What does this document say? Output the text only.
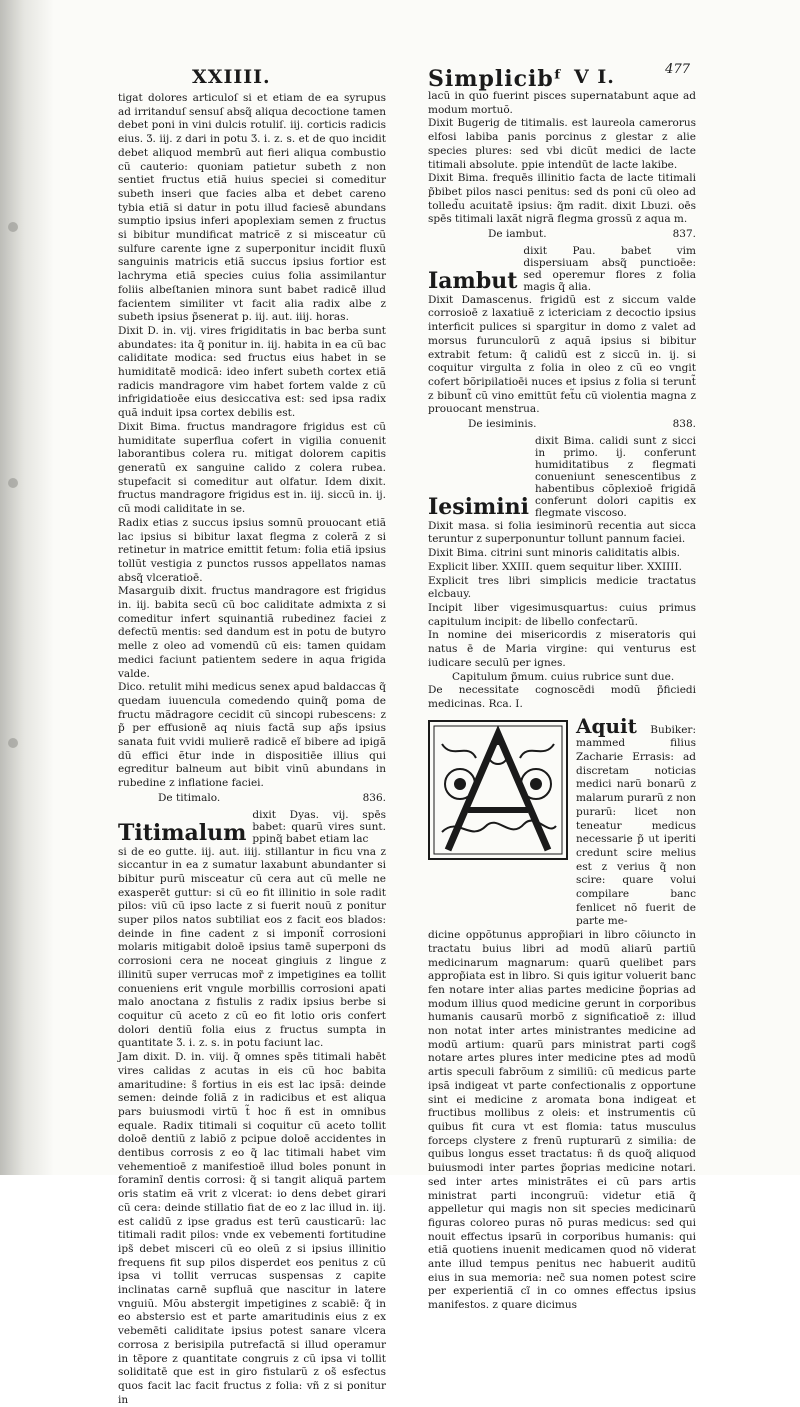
XXIIII.	Simplicibᶠ V I.	477

tigat dolores articuloſ si et etiam de ea syrupus ad irritanduſ sensuſ absq̃ aliqua decoctione tamen debet poni in vini dulcis rotuliſ. iij. corticis radicis eius. Ʒ. iij. z dari in potu Ʒ. i. z. s. et de quo incidit debet aliquod membrũ aut fieri aliqua combustio cũ cauterio: quoniam patietur subeth z non sentiet fructus etiã huius speciei si comeditur subeth inseri que facies alba et debet careno tybia etiã si datur in potu illud faciesē abundans sumptio ipsius inferi apoplexiam semen z fructus si bibitur mundificat matricẽ z si misceatur cũ sulfure carente igne z superponitur incidit fluxũ sanguinis matricis etiã succus ipsius fortior est lachryma etiã species cuius folia assimilantur foliis albeſtanien minora sunt babet radicē illud facientem similiter vt facit alia radix albe z subeth ipsius p̃senerat p. iij. aut. iiij. horas.

Dixit D. in. vij. vires frigiditatis in bac berba sunt abundates: ita q̃ ponitur in. iij. habita in ea cũ bac caliditate modica: sed fructus eius habet in se humiditatē modicã: ideo infert subeth cortex etiã radicis mandragore vim habet fortem valde z cũ infrigidatioēe eius desiccativa est: sed ipsa radix quã induit ipsa cortex debilis est.

Dixit Bima. fructus mandragore frigidus est cũ humiditate superflua cofert in vigilia conuenit laborantibus colera ru. mitigat dolorem capitis generatũ ex sanguine calido z colera rubea. stupefacit si comeditur aut olfatur. Idem dixit. fructus mandragore frigidus est in. iij. siccũ in. ij. cũ modi caliditate in se.

Radix etias z succus ipsius somnũ prouocant etiã lac ipsius si bibitur laxat flegma z colerã z si retinetur in matrice emittit fetum: folia etiã ipsius tollũt vestigia z punctos russos appellatos namas absq̃ vlceratioē.

Masarguib dixit. fructus mandragore est frigidus in. iij. babita secũ cũ boc caliditate admixta z si comeditur infert squinantiã rubedinez faciei z defectũ mentis: sed dandum est in potu de butyro melle z oleo ad vomendũ cũ eis: tamen quidam medici faciunt patientem sedere in aqua frigida valde.

Dico. retulit mihi medicus senex apud baldaccas q̃ quedam iuuencula comedendo quinq̃ poma de fructu mãdragore cecidit cũ sincopi rubescens: z p̃ per effusionē aq niuis factã sup ap̃s ipsius sanata fuit vvidi mulierē radicē eĩ bibere ad ipigã dũ effici ẽtur inde in dispositiēe illius qui egreditur balneum aut bibit vinũ abundans in rubedine z inflatione faciei.

De titimalo.	836.
Titimalum
dixit Dyas. vij. spēs babet: quarũ vires sunt. ppinq̃ babet etiam lac

si de eo gutte. iij. aut. iiij. stillantur in ficu vna z siccantur in ea z sumatur laxabunt abundanter si bibitur purũ misceatur cũ cera aut cũ melle ne exasperēt guttur: si cũ eo fit illinitio in sole radit pilos: viũ cũ ipso lacte z si fuerit nouũ z ponitur super pilos natos subtiliat eos z facit eos blados: deinde in fine cadent z si imponit̃ corrosioni molaris mitigabit doloē ipsius tamē superponi ds corrosioni cera ne noceat gingiuis z lingue z illinitũ super verrucas mor̃ z impetigines ea tollit conueniens erit vngule morbillis corrosioni apati malo anoctana z fistulis z radix ipsius berbe si coquitur cũ aceto z cũ eo fit lotio oris confert dolori dentiũ folia eius z fructus sumpta in quantitate Ʒ. i. z. s. in potu faciunt lac.

Jam dixit. D. in. viij. q̃ omnes spēs titimali habēt vires calidas z acutas in eis cũ hoc babita amaritudine: s̃ fortius in eis est lac ipsã: deinde semen: deinde foliã z in radicibus et est aliqua pars buiusmodi virtũ t̃ hoc ñ est in omnibus equale. Radix titimali si coquitur cũ aceto tollit doloē dentiũ z labiõ z pcipue doloē accidentes in dentibus corrosis z eo q̃ lac titimali habet vim vehementioē z manifestioē illud boles ponunt in foraminĩ dentis corrosi: q̃ si tangit aliquã partem oris statim eã vrit z vlcerat: io dens debet girari cũ cera: deinde stillatio fiat de eo z lac illud in. iij. est calidũ z ipse gradus est terũ causticarũ: lac titimali radit pilos: vnde ex vebementi fortitudine ips̃ debet misceri cũ eo oleũ z si ipsius illinitio frequens fit sup pilos disperdet eos penitus z cũ ipsa vi tollit verrucas suspensas z capite inclinatas carnē supfluã que nascitur in latere vnguiũ. Mõu abstergit impetigines z scabiē: q̃ in eo abstersio est et parte amaritudinis eius z ex vebemēti caliditate ipsius potest sanare vlcera corrosa z berisipila putrefactã si illud operamur in tēpore z quantitate congruis z cũ ipsa vi tollit soliditatē que est in giro fistularũ z os̃ esfectus quos facit lac facit fructus z folia: vñ z si ponitur in

lacũ in quo fuerint pisces supernatabunt aque ad modum mortuõ.

Dixit Bugerig de titimalis. est laureola camerorus elfosi labiba panis porcinus z glestar z alie species plures: sed vbi dicũt medici de lacte titimali absolute. ppie intendũt de lacte lakibe.

Dixit Bima. frequēs illinitio facta de lacte titimali p̃bibet pilos nasci penitus: sed ds poni cũ oleo ad tolled̃u acuitatē ipsius: q̃m radit. dixit Lbuzi. oēs spēs titimali laxãt nigrã flegma grossũ z aqua m.

De iambut.	837.
Iambut
dixit Pau. babet vim dispersiuam absq̃ punctioēe: sed operemur flores z folia magis q̃ alia.

Dixit Damascenus. frigidũ est z siccum valde corrosioē z laxatiuẽ z ictericiam z decoctio ipsius interficit pulices si spargitur in domo z valet ad morsus furunculorũ z aquã ipsius si bibitur extrabit fetum: q̃ calidũ est z siccũ in. ij. si coquitur virgulta z folia in oleo z cũ eo vngit cofert bõripilatioēi nuces et ipsius z folia si terunt̃ z bibunt̃ cũ vino emittũt fet̃u cũ violentia magna z prouocant menstrua.

De iesiminis.	838.
Iesimini
dixit Bima. calidi sunt z sicci in primo. ij. conferunt humiditatibus z flegmati conueniunt senescentibus z habentibus cõplexioē frigidã conferunt dolori capitis ex flegmate viscoso.

Dixit masa. si folia iesiminorũ recentia aut sicca teruntur z superponuntur tollunt pannum faciei.

Dixit Bima. citrini sunt minoris caliditatis albis.

Explicit liber. XXIII. quem sequitur liber. XXIIII.

Explicit tres libri simplicis medicie tractatus elcbauy.

Incipit liber vigesimusquartus: cuius primus capitulum incipit: de libello confectarũ.

In nomine dei misericordis z miseratoris qui natus ē de Maria virgine: qui venturus est iudicare seculũ per ignes.

Capitulum p̃mum. cuius rubrice sunt due.

De necessitate cognoscēdi modũ p̃ficiedi medicinas. Rca. I.

Aquit Bubiker: mammed filius Zacharie Errasis: ad discretam noticias medici narũ bonarũ z malarum purarũ z non purarũ: licet non teneatur medicus necessarie p̃ ut iperiti credunt scire melius est z verius q̃ non scire: quare volui compilare banc fenlicet nõ fuerit de parte me-

dicine oppõtunus approp̃iari in libro cõiuncto in tractatu buius libri ad modũ aliarũ partiũ medicinarum magnarum: quarũ quelibet pars approp̃iata est in libro. Si quis igitur voluerit banc fen notare inter alias partes medicine p̃oprias ad modum illius quod medicine gerunt in corporibus humanis causarũ morbõ z significatioē z: illud non notat inter artes ministrantes medicine ad modũ artium: quarũ pars ministrat parti cogs̃ notare artes plures inter medicine ptes ad modũ artis speculi fabrõum z similiũ: cũ medicus parte ipsã indigeat vt parte confectionalis z opportune sint ei medicine z aromata bona indigeat et fructibus mollibus z oleis: et instrumentis cũ quibus fit cura vt est flomia: tatus musculus forceps clystere z frenũ rupturarũ z similia: de quibus longus esset tractatus: ñ ds quoq̃ aliquod buiusmodi inter partes p̃oprias medicine notari. sed inter artes ministrãtes ei cũ pars artis ministrat parti incongruũ: videtur etiã q̃ appelletur qui magis non sit species medicinarũ figuras coloreo puras nõ puras medicus: sed qui nouit effectus ipsarũ in corporibus humanis: qui etiã quotiens inuenit medicamen quod nõ viderat ante illud tempus penitus nec habuerit auditũ eius in sua memoria: nec̃ sua nomen potest scire per experientiã cĩ in co omnes effectus ipsius manifestos. z quare dicimus
